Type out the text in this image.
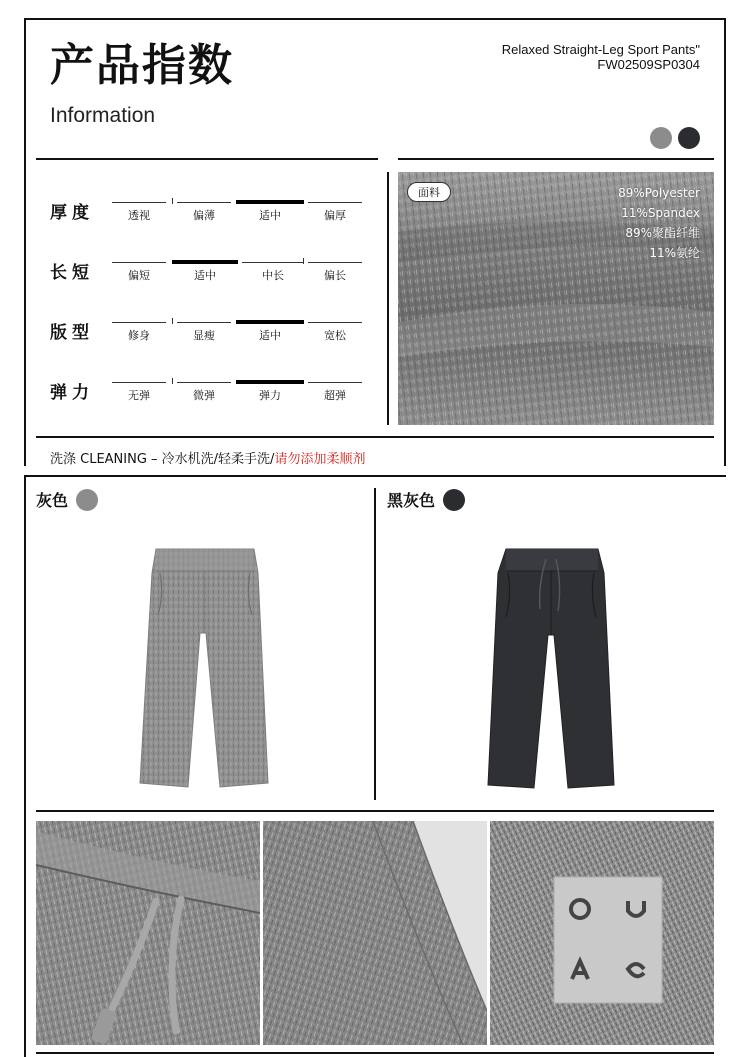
产品指数
Information
Relaxed Straight-Leg Sport Pants"
FW02509SP0304
厚度	透视	偏薄	适中	偏厚
长短	偏短	适中	中长	偏长
版型	修身	显瘦	适中	宽松
弹力	无弹	微弹	弹力	超弹
面料	89%Polyester
11%Spandex
89%聚酯纤维
11%氨纶
洗涤 CLEANING – 冷水机洗/轻柔手洗/请勿添加柔顺剂
灰色	黑灰色
